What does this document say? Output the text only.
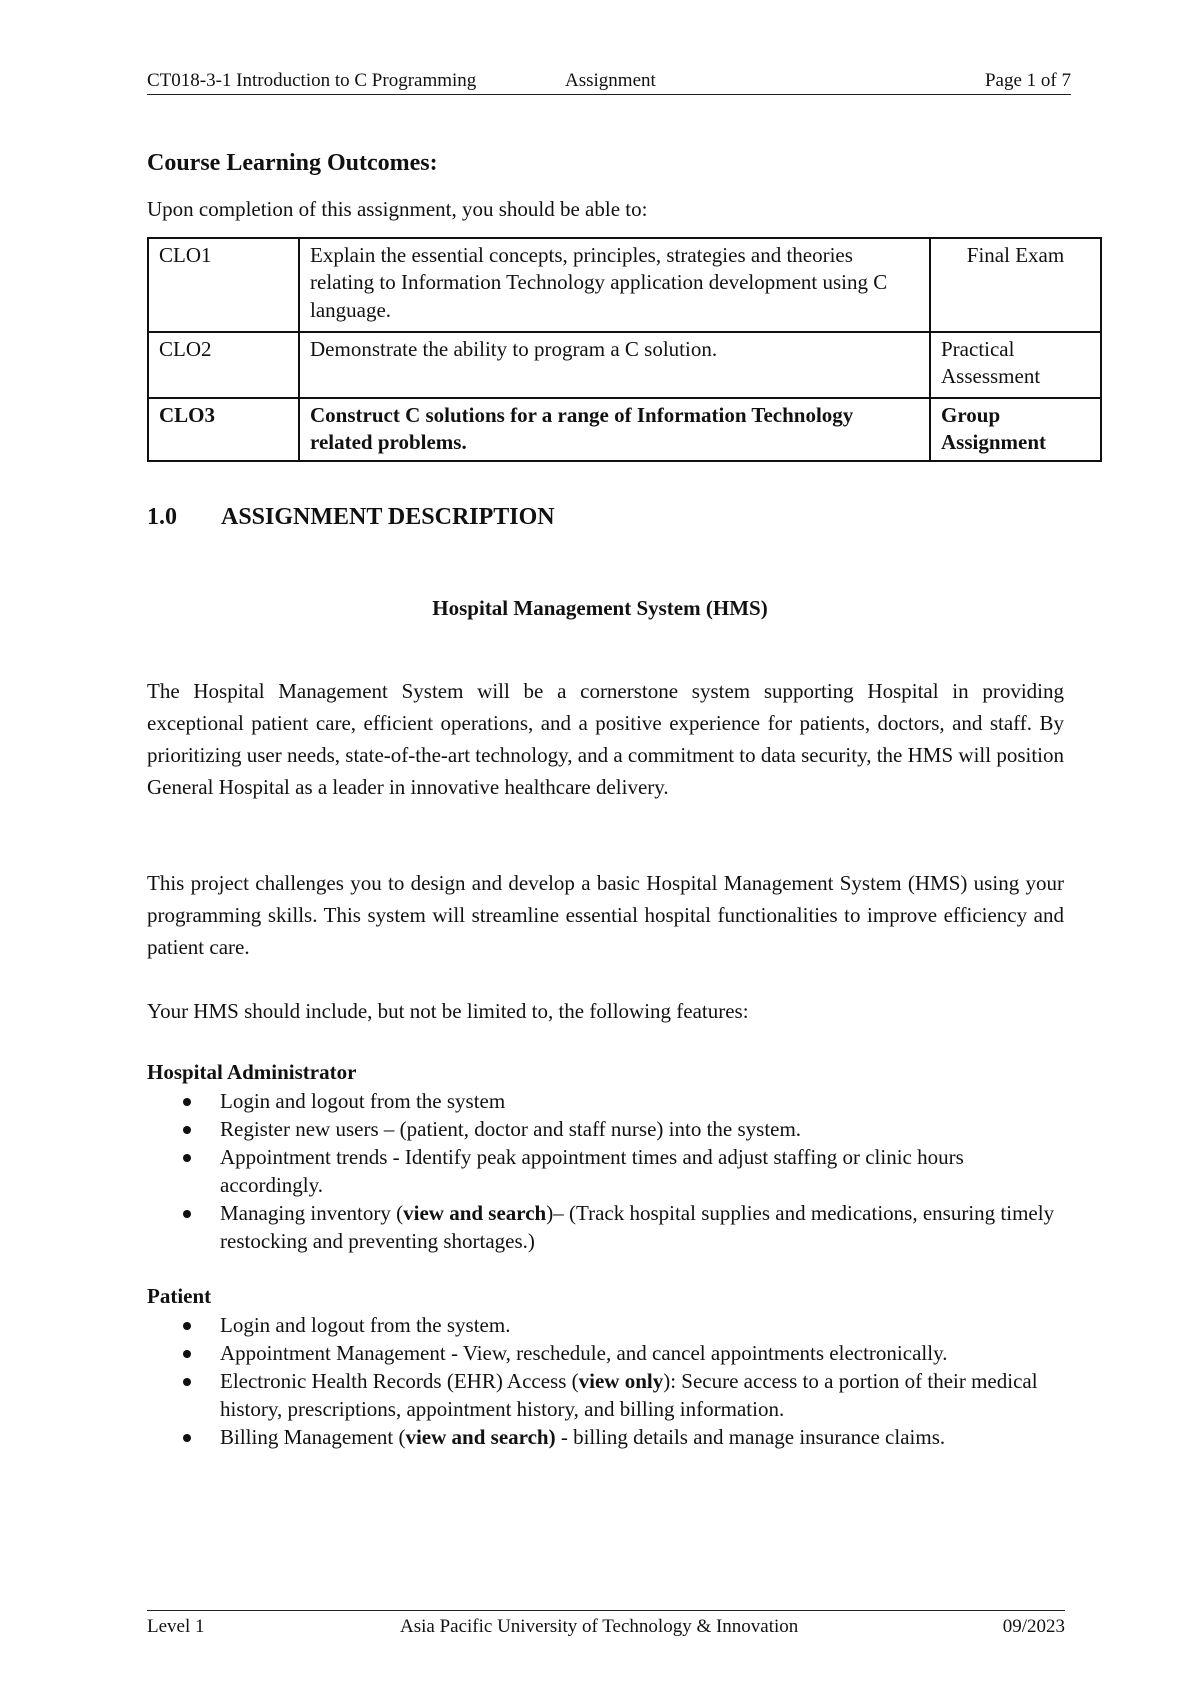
CT018-3-1 Introduction to C Programming	Assignment	Page 1 of 7
Course Learning Outcomes:
Upon completion of this assignment, you should be able to:
CLO1	Explain the essential concepts, principles, strategies and theories relating to Information Technology application development using C language.	Final Exam
CLO2	Demonstrate the ability to program a C solution.	Practical Assessment
CLO3	Construct C solutions for a range of Information Technology related problems.	Group Assignment
1.0 ASSIGNMENT DESCRIPTION
Hospital Management System (HMS)
The Hospital Management System will be a cornerstone system supporting Hospital in providing exceptional patient care, efficient operations, and a positive experience for patients, doctors, and staff. By prioritizing user needs, state-of-the-art technology, and a commitment to data security, the HMS will position General Hospital as a leader in innovative healthcare delivery.
This project challenges you to design and develop a basic Hospital Management System (HMS) using your programming skills. This system will streamline essential hospital functionalities to improve efficiency and patient care.
Your HMS should include, but not be limited to, the following features:
Hospital Administrator
Login and logout from the system
Register new users – (patient, doctor and staff nurse) into the system.
Appointment trends - Identify peak appointment times and adjust staffing or clinic hours accordingly.
Managing inventory (view and search)– (Track hospital supplies and medications, ensuring timely restocking and preventing shortages.)
Patient
Login and logout from the system.
Appointment Management - View, reschedule, and cancel appointments electronically.
Electronic Health Records (EHR) Access (view only): Secure access to a portion of their medical history, prescriptions, appointment history, and billing information.
Billing Management (view and search) - billing details and manage insurance claims.
Level 1	Asia Pacific University of Technology & Innovation	09/2023
